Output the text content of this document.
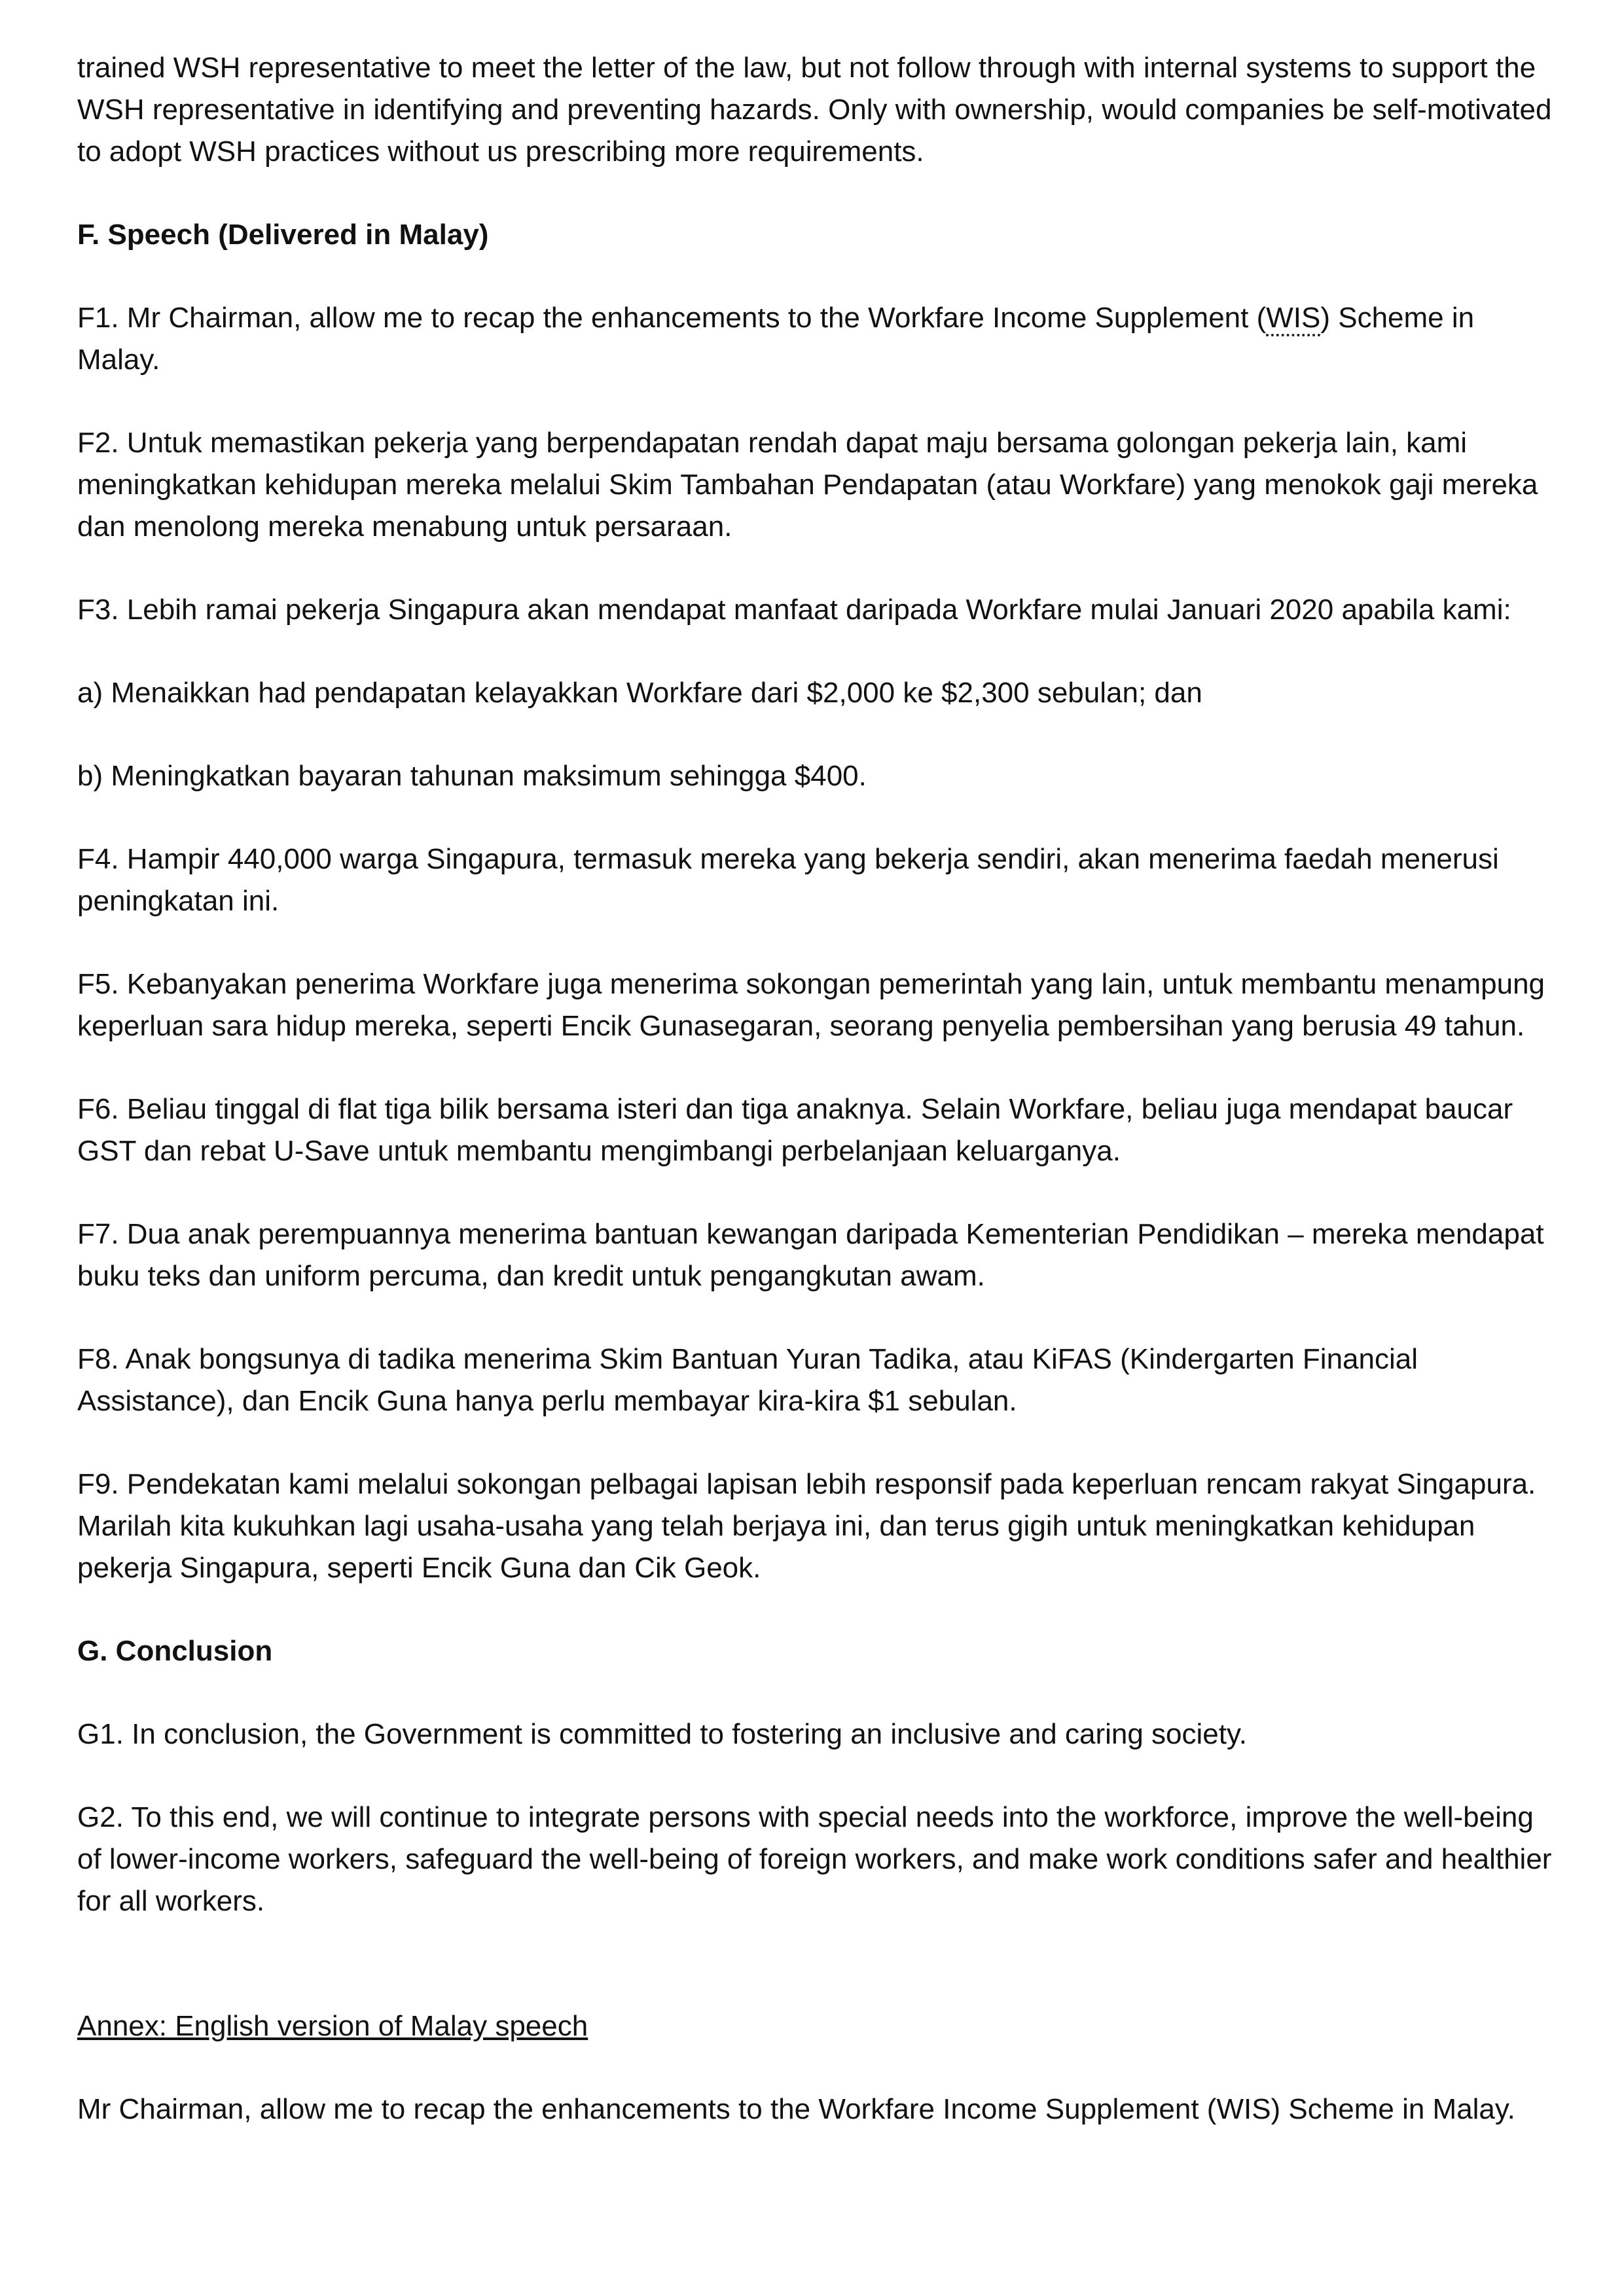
trained WSH representative to meet the letter of the law, but not follow through with internal systems to support the WSH representative in identifying and preventing hazards. Only with ownership, would companies be self-motivated to adopt WSH practices without us prescribing more requirements.

F. Speech (Delivered in Malay)

F1. Mr Chairman, allow me to recap the enhancements to the Workfare Income Supplement (WIS) Scheme in Malay.

F2. Untuk memastikan pekerja yang berpendapatan rendah dapat maju bersama golongan pekerja lain, kami meningkatkan kehidupan mereka melalui Skim Tambahan Pendapatan (atau Workfare) yang menokok gaji mereka dan menolong mereka menabung untuk persaraan.

F3. Lebih ramai pekerja Singapura akan mendapat manfaat daripada Workfare mulai Januari 2020 apabila kami:

a) Menaikkan had pendapatan kelayakkan Workfare dari $2,000 ke $2,300 sebulan; dan

b) Meningkatkan bayaran tahunan maksimum sehingga $400.

F4. Hampir 440,000 warga Singapura, termasuk mereka yang bekerja sendiri, akan menerima faedah menerusi peningkatan ini.

F5. Kebanyakan penerima Workfare juga menerima sokongan pemerintah yang lain, untuk membantu menampung keperluan sara hidup mereka, seperti Encik Gunasegaran, seorang penyelia pembersihan yang berusia 49 tahun.

F6. Beliau tinggal di flat tiga bilik bersama isteri dan tiga anaknya. Selain Workfare, beliau juga mendapat baucar GST dan rebat U-Save untuk membantu mengimbangi perbelanjaan keluarganya.

F7. Dua anak perempuannya menerima bantuan kewangan daripada Kementerian Pendidikan – mereka mendapat buku teks dan uniform percuma, dan kredit untuk pengangkutan awam.

F8. Anak bongsunya di tadika menerima Skim Bantuan Yuran Tadika, atau KiFAS (Kindergarten Financial Assistance), dan Encik Guna hanya perlu membayar kira-kira $1 sebulan.

F9. Pendekatan kami melalui sokongan pelbagai lapisan lebih responsif pada keperluan rencam rakyat Singapura. Marilah kita kukuhkan lagi usaha-usaha yang telah berjaya ini, dan terus gigih untuk meningkatkan kehidupan pekerja Singapura, seperti Encik Guna dan Cik Geok.

G. Conclusion

G1. In conclusion, the Government is committed to fostering an inclusive and caring society.

G2. To this end, we will continue to integrate persons with special needs into the workforce, improve the well-being of lower-income workers, safeguard the well-being of foreign workers, and make work conditions safer and healthier for all workers.

Annex: English version of Malay speech

Mr Chairman, allow me to recap the enhancements to the Workfare Income Supplement (WIS) Scheme in Malay.
